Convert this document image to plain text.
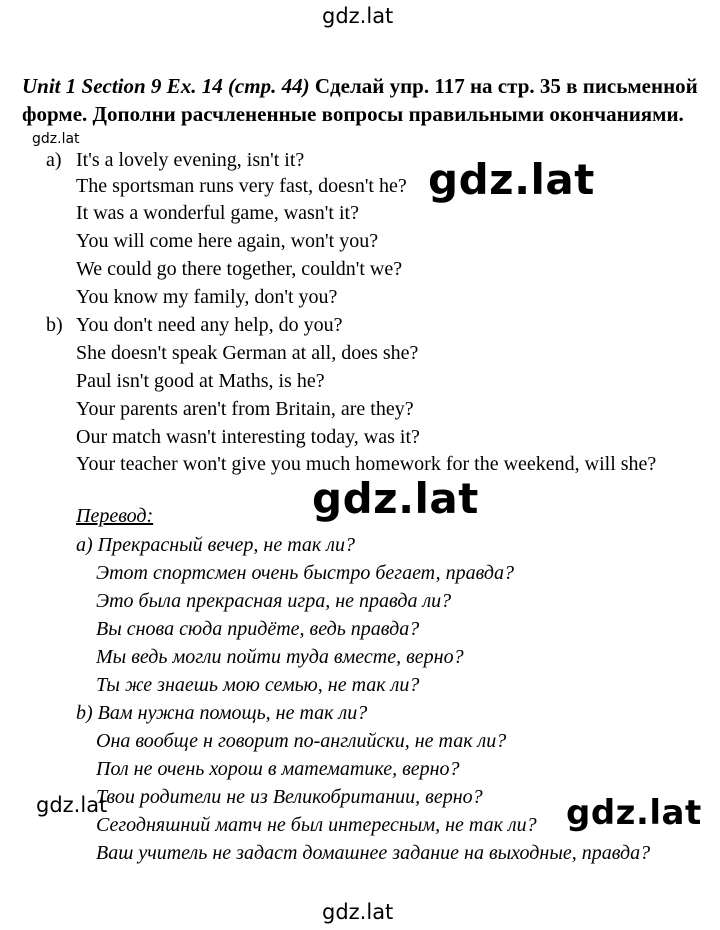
gdz.lat
gdz.lat
Unit 1 Section 9 Ex. 14 (стр. 44) Сделай упр. 117 на стр. 35 в письменной форме. Дополни расчлененные вопросы правильными окончаниями.
a) It's a lovely evening, isn't it?
The sportsman runs very fast, doesn't he?
It was a wonderful game, wasn't it?
You will come here again, won't you?
We could go there together, couldn't we?
You know my family, don't you?
b) You don't need any help, do you?
She doesn't speak German at all, does she?
Paul isn't good at Maths, is he?
Your parents aren't from Britain, are they?
Our match wasn't interesting today, was it?
Your teacher won't give you much homework for the weekend, will she?
Перевод:
а) Прекрасный вечер, не так ли?
Этот спортсмен очень быстро бегает, правда?
Это была прекрасная игра, не правда ли?
Вы снова сюда придёте, ведь правда?
Мы ведь могли пойти туда вместе, верно?
Ты же знаешь мою семью, не так ли?
b) Вам нужна помощь, не так ли?
Она вообще н говорит по-английски, не так ли?
Пол не очень хорош в математике, верно?
Твои родители не из Великобритании, верно?
Сегодняшний матч не был интересным, не так ли?
Ваш учитель не задаст домашнее задание на выходные, правда?
gdz.lat
gdz.lat
gdz.lat	gdz.lat
gdz.lat
